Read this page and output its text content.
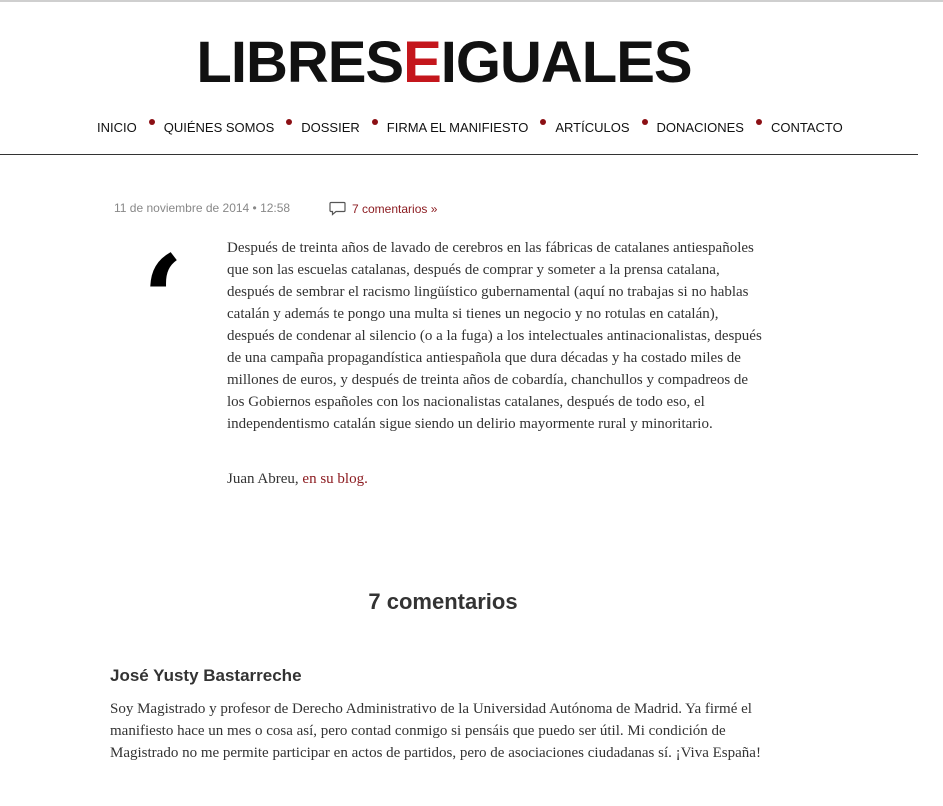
LIBRESEIGUALES
INICIO QUIÉNES SOMOS DOSSIER FIRMA EL MANIFIESTO ARTÍCULOS DONACIONES CONTACTO
11 de noviembre de 2014 • 12:58	7 comentarios »
‘	Después de treinta años de lavado de cerebros en las fábricas de catalanes antiespañoles que son las escuelas catalanas, después de comprar y someter a la prensa catalana, después de sembrar el racismo lingüístico gubernamental (aquí no trabajas si no hablas catalán y además te pongo una multa si tienes un negocio y no rotulas en catalán), después de condenar al silencio (o a la fuga) a los intelectuales antinacionalistas, después de una campaña propagandística antiespañola que dura décadas y ha costado miles de millones de euros, y después de treinta años de cobardía, chanchullos y compadreos de los Gobiernos españoles con los nacionalistas catalanes, después de todo eso, el independentismo catalán sigue siendo un delirio mayormente rural y minoritario.

Juan Abreu, en su blog.
7 comentarios
José Yusty Bastarreche
Soy Magistrado y profesor de Derecho Administrativo de la Universidad Autónoma de Madrid. Ya firmé el manifiesto hace un mes o cosa así, pero contad conmigo si pensáis que puedo ser útil. Mi condición de Magistrado no me permite participar en actos de partidos, pero de asociaciones ciudadanas sí. ¡Viva España!
